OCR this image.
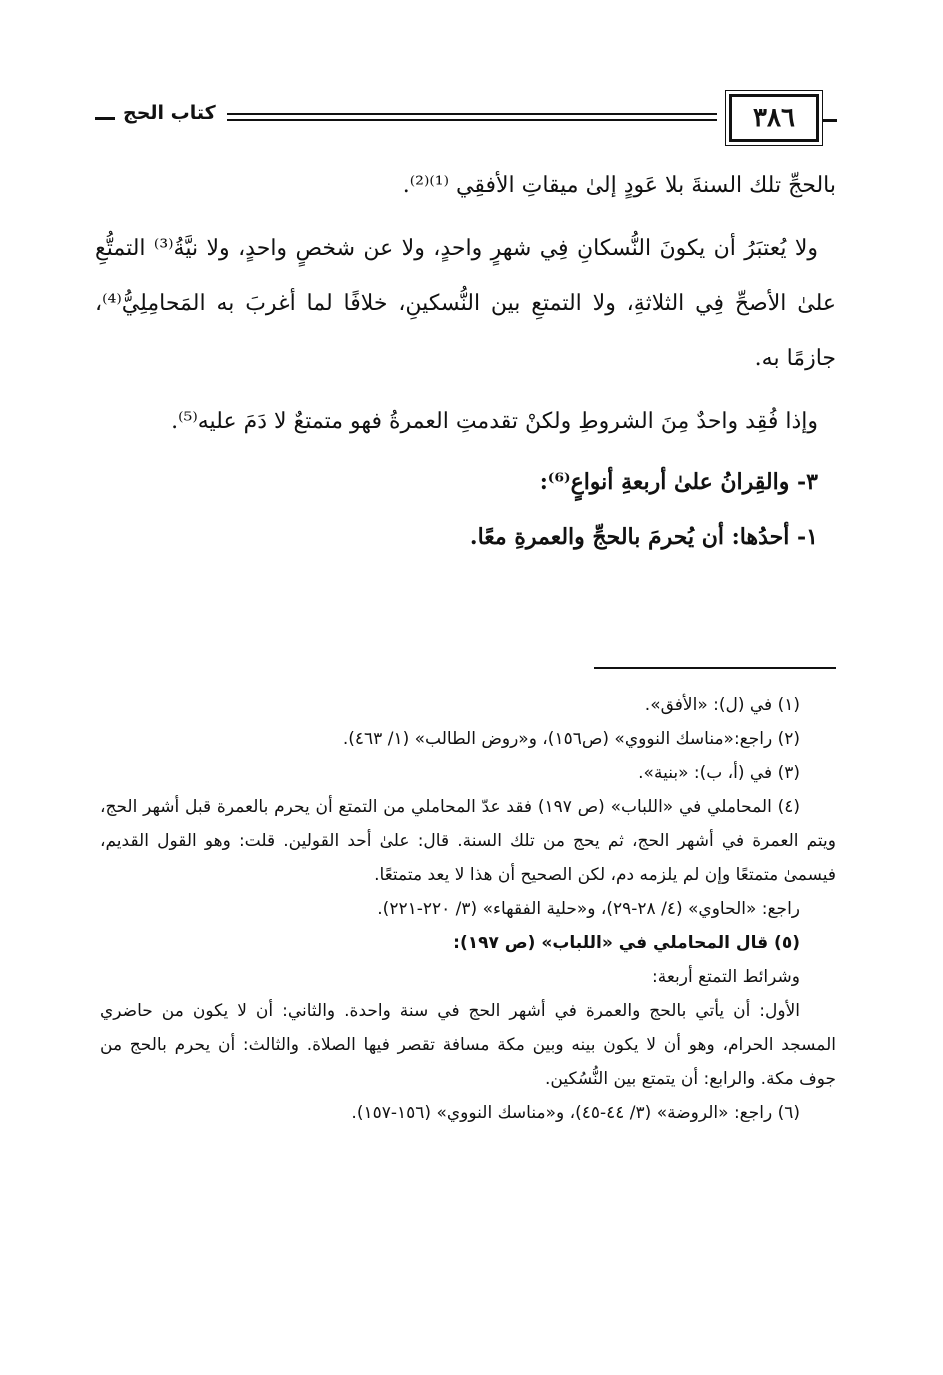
٣٨٦
كتاب الحج

بالحجِّ تلك السنةَ بلا عَودٍ إلىٰ ميقاتِ الأفقِي ⁽¹⁾⁽²⁾.

ولا يُعتبَرُ أن يكونَ النُّسكانِ فِي شهرٍ واحدٍ، ولا عن شخصٍ واحدٍ، ولا نيَّةُ⁽³⁾ التمتُّعِ علىٰ الأصحِّ فِي الثلاثةِ، ولا التمتعِ بين النُّسكينِ، خلافًا لما أغربَ به المَحامِلِيُّ⁽⁴⁾، جازمًا به.

وإذا فُقِد واحدٌ مِنَ الشروطِ ولكنْ تقدمتِ العمرةُ فهو متمتعٌ لا دَمَ عليه⁽⁵⁾.

٣- والقِرانُ علىٰ أربعةِ أنواعٍ⁽⁶⁾:

١- أحدُها: أن يُحرمَ بالحجِّ والعمرةِ معًا.

(١) في (ل): «الأفق».

(٢) راجع:«مناسك النووي» (ص١٥٦)، و«روض الطالب» (١/ ٤٦٣).

(٣) في (أ، ب): «بنية».

(٤) المحاملي في «اللباب» (ص ١٩٧) فقد عدّ المحاملي من التمتع أن يحرم بالعمرة قبل أشهر الحج، ويتم العمرة في أشهر الحج، ثم يحج من تلك السنة. قال: علىٰ أحد القولين. قلت: وهو القول القديم، فيسمىٰ متمتعًا وإن لم يلزمه دم، لكن الصحيح أن هذا لا يعد متمتعًا.

راجع: «الحاوي» (٤/ ٢٨-٢٩)، و«حلية الفقهاء» (٣/ ٢٢٠-٢٢١).

(٥) قال المحاملي في «اللباب» (ص ١٩٧):

وشرائط التمتع أربعة:

الأول: أن يأتي بالحج والعمرة في أشهر الحج في سنة واحدة. والثاني: أن لا يكون من حاضري المسجد الحرام، وهو أن لا يكون بينه وبين مكة مسافة تقصر فيها الصلاة. والثالث: أن يحرم بالحج من جوف مكة. والرابع: أن يتمتع بين النُّسُكين.

(٦) راجع: «الروضة» (٣/ ٤٤-٤٥)، و«مناسك النووي» (١٥٦-١٥٧).
